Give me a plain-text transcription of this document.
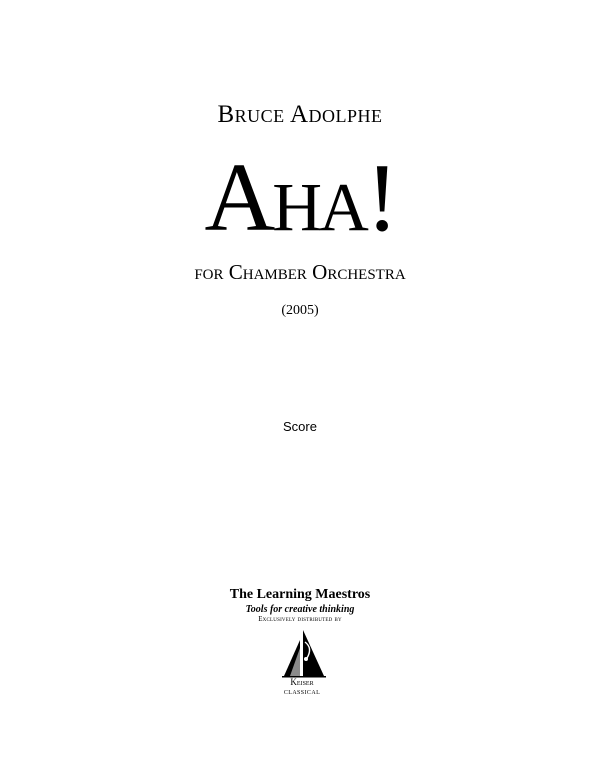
Bruce Adolphe
Aha!
for Chamber Orchestra
(2005)
Score
The Learning Maestros
Tools for creative thinking
Exclusively distributed by
Keiser
CLASSICAL
